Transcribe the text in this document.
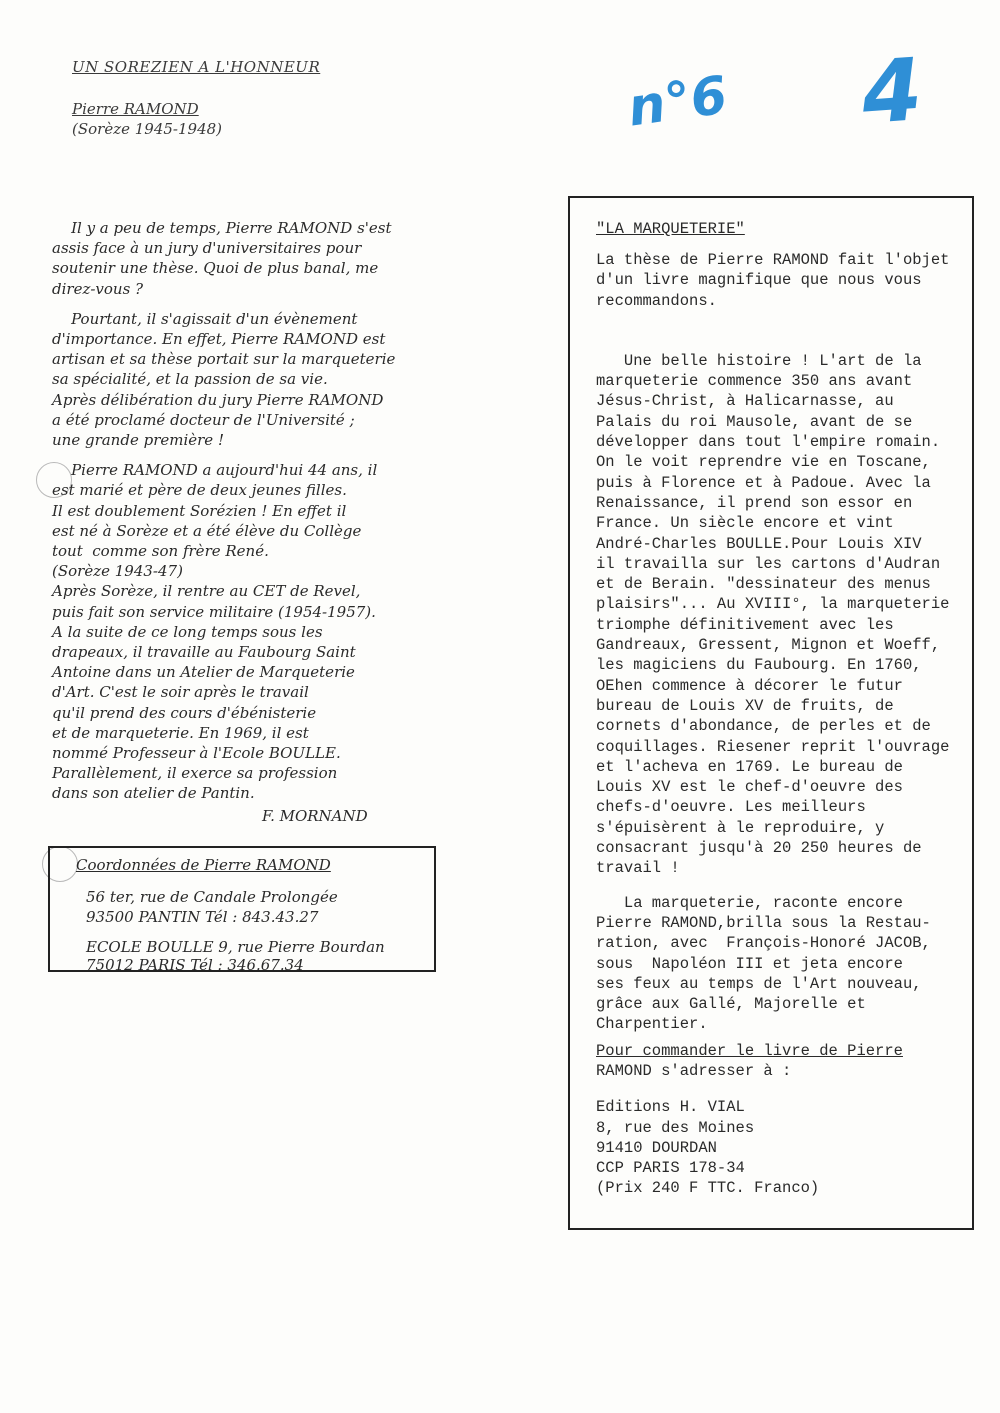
UN SOREZIEN A L'HONNEUR
Pierre RAMOND
(Sorèze 1945-1948)	n°6 4
Il y a peu de temps, Pierre RAMOND s'est
assis face à un jury d'universitaires pour
soutenir une thèse. Quoi de plus banal, me
direz-vous ?
Pourtant, il s'agissait d'un évènement
d'importance. En effet, Pierre RAMOND est
artisan et sa thèse portait sur la marqueterie
sa spécialité, et la passion de sa vie.
Après délibération du jury Pierre RAMOND
a été proclamé docteur de l'Université ;
une grande première !
Pierre RAMOND a aujourd'hui 44 ans, il
est marié et père de deux jeunes filles.
Il est doublement Sorézien ! En effet il
est né à Sorèze et a été élève du Collège
tout  comme son frère René.
(Sorèze 1943-47)
Après Sorèze, il rentre au CET de Revel,
puis fait son service militaire (1954-1957).
A la suite de ce long temps sous les
drapeaux, il travaille au Faubourg Saint
Antoine dans un Atelier de Marqueterie
d'Art. C'est le soir après le travail
qu'il prend des cours d'ébénisterie
et de marqueterie. En 1969, il est
nommé Professeur à l'Ecole BOULLE.
Parallèlement, il exerce sa profession
dans son atelier de Pantin.
F. MORNAND
Coordonnées de Pierre RAMOND
56 ter, rue de Candale Prolongée
93500 PANTIN Tél : 843.43.27
ECOLE BOULLE 9, rue Pierre Bourdan
75012 PARIS Tél : 346.67.34
"LA MARQUETERIE"
La thèse de Pierre RAMOND fait l'objet
d'un livre magnifique que nous vous
recommandons.
Une belle histoire ! L'art de la
marqueterie commence 350 ans avant
Jésus-Christ, à Halicarnasse, au
Palais du roi Mausole, avant de se
développer dans tout l'empire romain.
On le voit reprendre vie en Toscane,
puis à Florence et à Padoue. Avec la
Renaissance, il prend son essor en
France. Un siècle encore et vint
André-Charles BOULLE.Pour Louis XIV
il travailla sur les cartons d'Audran
et de Berain. "dessinateur des menus
plaisirs"... Au XVIII°, la marqueterie
triomphe définitivement avec les
Gandreaux, Gressent, Mignon et Woeff,
les magiciens du Faubourg. En 1760,
OEhen commence à décorer le futur
bureau de Louis XV de fruits, de
cornets d'abondance, de perles et de
coquillages. Riesener reprit l'ouvrage
et l'acheva en 1769. Le bureau de
Louis XV est le chef-d'oeuvre des
chefs-d'oeuvre. Les meilleurs
s'épuisèrent à le reproduire, y
consacrant jusqu'à 20 250 heures de
travail !
La marqueterie, raconte encore
Pierre RAMOND,brilla sous la Restau-
ration, avec  François-Honoré JACOB,
sous  Napoléon III et jeta encore
ses feux au temps de l'Art nouveau,
grâce aux Gallé, Majorelle et
Charpentier.
Pour commander le livre de Pierre
RAMOND s'adresser à :
Editions H. VIAL
8, rue des Moines
91410 DOURDAN
CCP PARIS 178-34
(Prix 240 F TTC. Franco)
